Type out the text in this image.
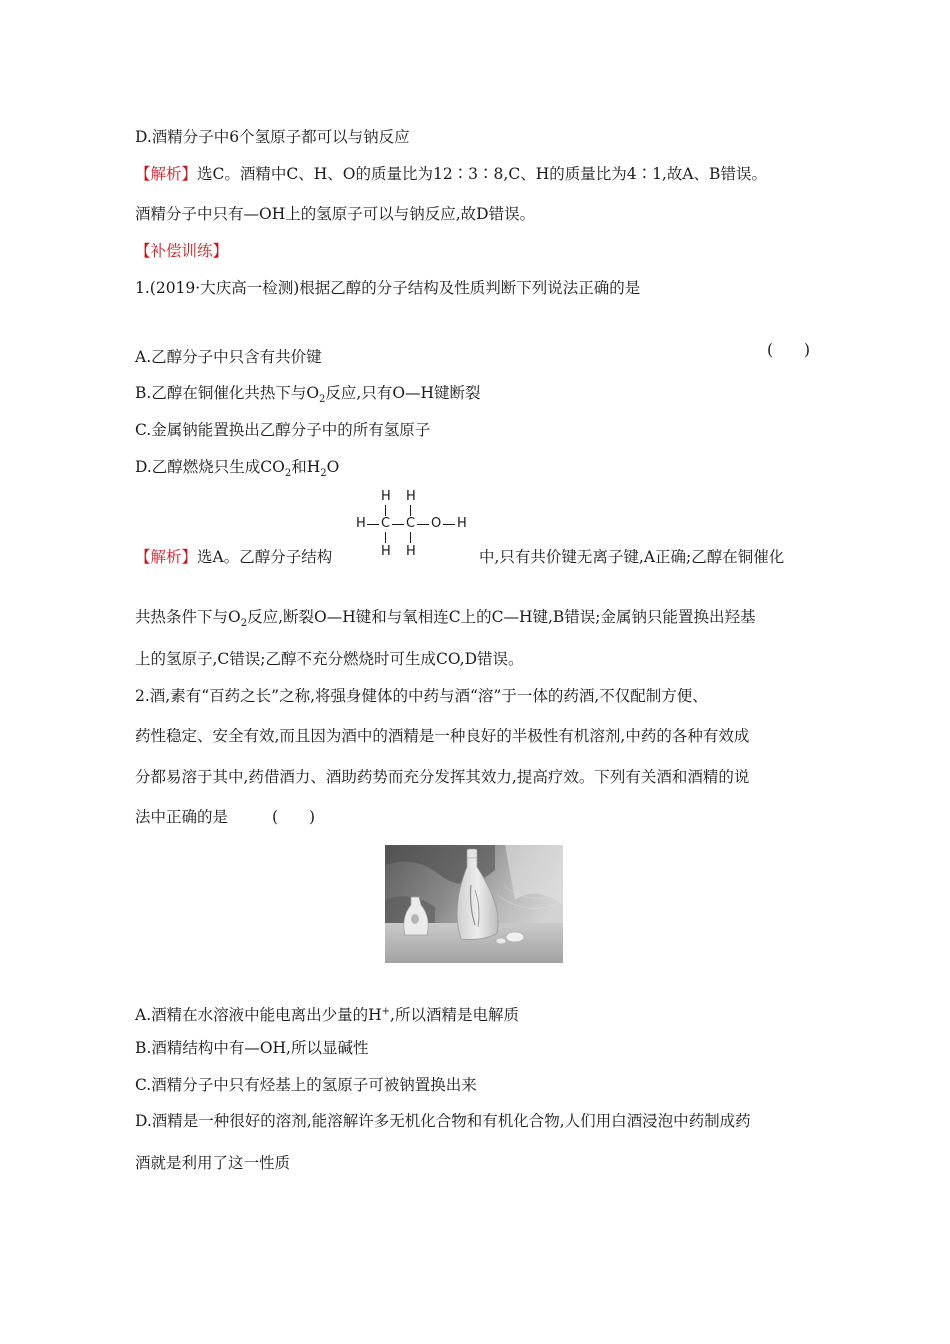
D.酒精分子中6个氢原子都可以与钠反应
【解析】选C。酒精中C、H、O的质量比为12∶3∶8,C、H的质量比为4∶1,故A、B错误。
酒精分子中只有—OH上的氢原子可以与钠反应,故D错误。
【补偿训练】
1.(2019·大庆高一检测)根据乙醇的分子结构及性质判断下列说法正确的是
(　　)
A.乙醇分子中只含有共价键
B.乙醇在铜催化共热下与$O_2$反应,只有O—H键断裂
C.金属钠能置换出乙醇分子中的所有氢原子
D.乙醇燃烧只生成$CO_2$和$H_2O$
H H
H C C O H
H H
【解析】选A。乙醇分子结构	中,只有共价键无离子键,A正确;乙醇在铜催化
共热条件下与$O_2$反应,断裂O—H键和与氧相连C上的C—H键,B错误;金属钠只能置换出羟基
上的氢原子,C错误;乙醇不充分燃烧时可生成CO,D错误。
2.酒,素有“百药之长”之称,将强身健体的中药与酒“溶”于一体的药酒,不仅配制方便、
药性稳定、安全有效,而且因为酒中的酒精是一种良好的半极性有机溶剂,中药的各种有效成
分都易溶于其中,药借酒力、酒助药势而充分发挥其效力,提高疗效。下列有关酒和酒精的说
法中正确的是	(　　)
A.酒精在水溶液中能电离出少量的H+,所以酒精是电解质
B.酒精结构中有—OH,所以显碱性
C.酒精分子中只有烃基上的氢原子可被钠置换出来
D.酒精是一种很好的溶剂,能溶解许多无机化合物和有机化合物,人们用白酒浸泡中药制成药
酒就是利用了这一性质
